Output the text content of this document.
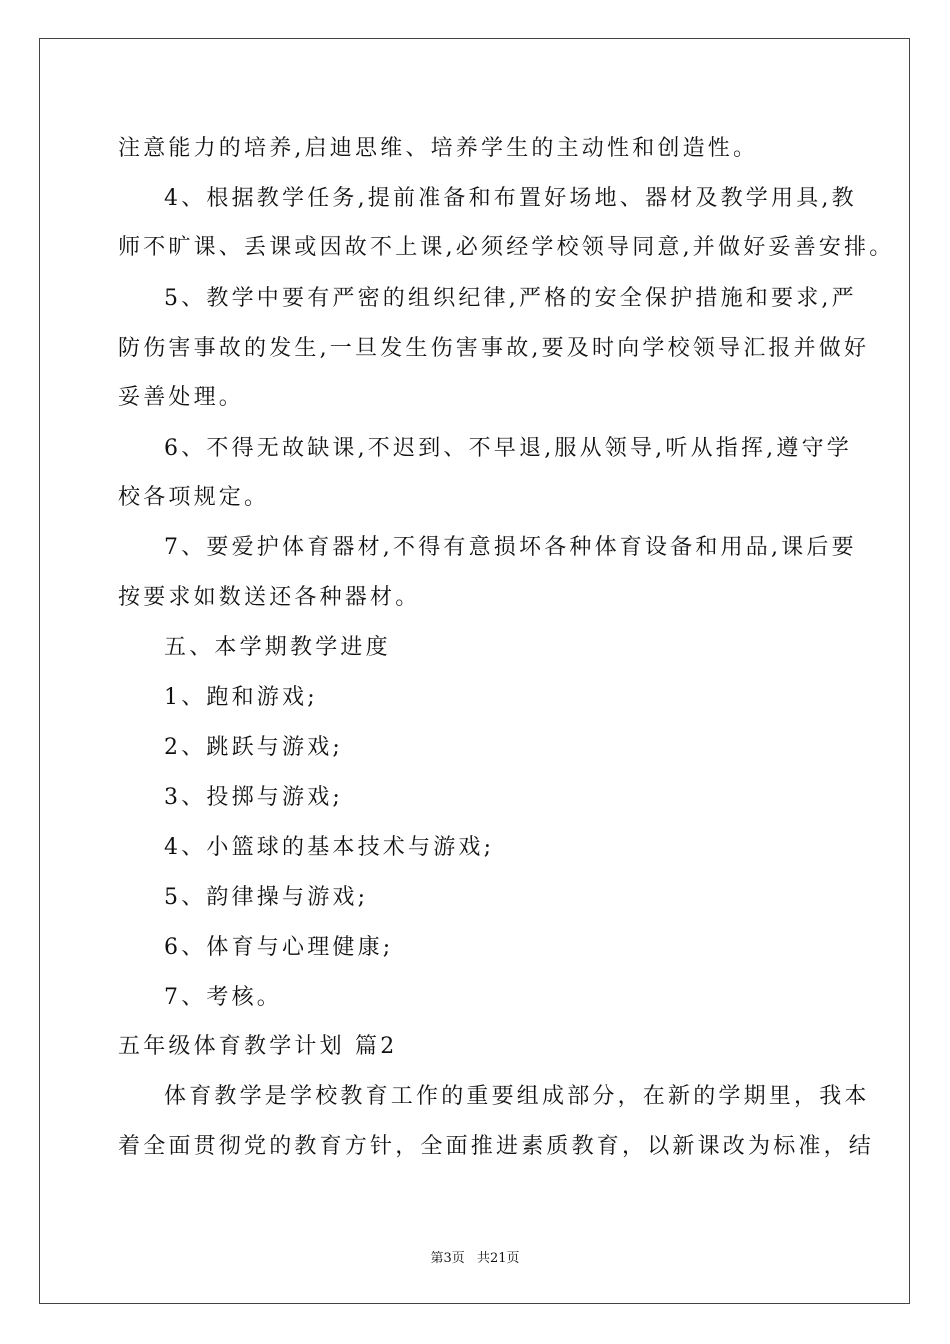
注意能力的培养,启迪思维、培养学生的主动性和创造性。
4、根据教学任务,提前准备和布置好场地、器材及教学用具,教
师不旷课、丢课或因故不上课,必须经学校领导同意,并做好妥善安排。
5、教学中要有严密的组织纪律,严格的安全保护措施和要求,严
防伤害事故的发生,一旦发生伤害事故,要及时向学校领导汇报并做好
妥善处理。
6、不得无故缺课,不迟到、不早退,服从领导,听从指挥,遵守学
校各项规定。
7、要爱护体育器材,不得有意损坏各种体育设备和用品,课后要
按要求如数送还各种器材。
五、本学期教学进度
1、跑和游戏;
2、跳跃与游戏;
3、投掷与游戏;
4、小篮球的基本技术与游戏;
5、韵律操与游戏;
6、体育与心理健康;
7、考核。
五年级体育教学计划 篇2
体育教学是学校教育工作的重要组成部分，在新的学期里，我本
着全面贯彻党的教育方针，全面推进素质教育，以新课改为标准，结
第3页 共21页
